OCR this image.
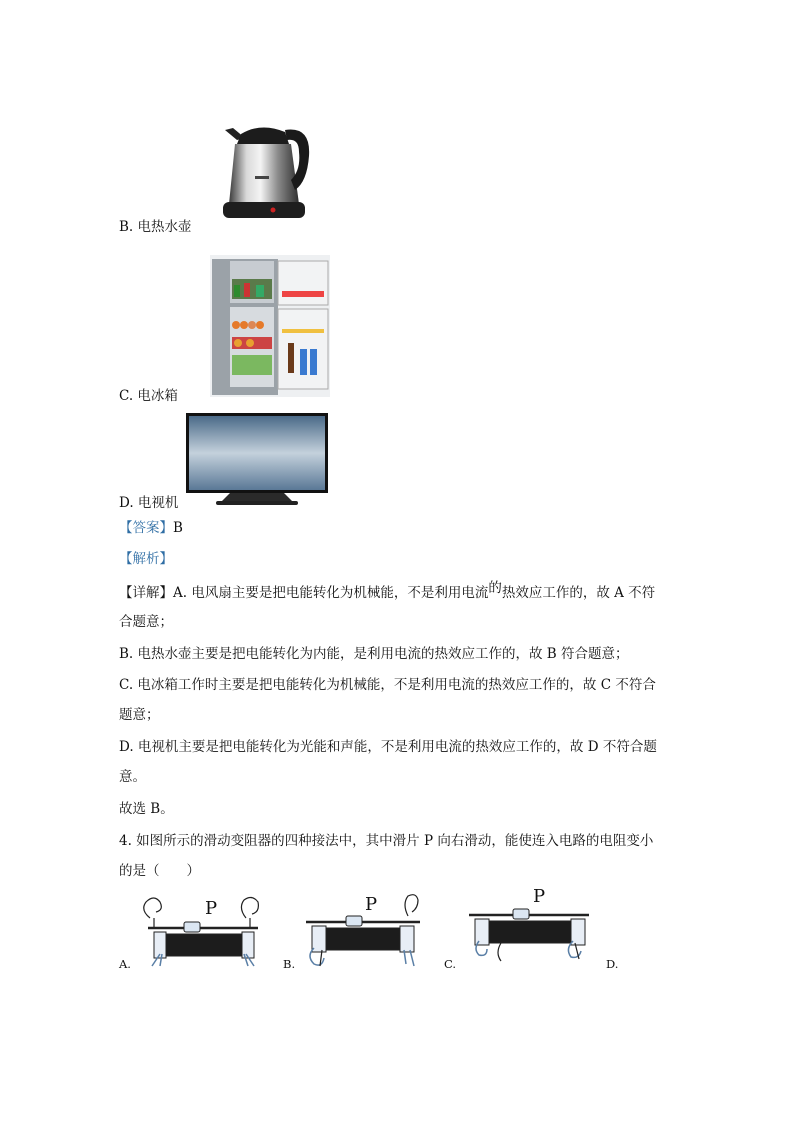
B. 电热水壶
C. 电冰箱
D. 电视机
【答案】B
【解析】
【详解】A. 电风扇主要是把电能转化为机械能，不是利用电流的热效应工作的，故 A 不符
合题意；
B. 电热水壶主要是把电能转化为内能，是利用电流的热效应工作的，故 B 符合题意；
C. 电冰箱工作时主要是把电能转化为机械能，不是利用电流的热效应工作的，故 C 不符合
题意；
D. 电视机主要是把电能转化为光能和声能，不是利用电流的热效应工作的，故 D 不符合题
意。
故选 B。
4. 如图所示的滑动变阻器的四种接法中，其中滑片 P 向右滑动，能使连入电路的电阻变小
的是（　　）
P
A.
P
B.
P
C.	D.
